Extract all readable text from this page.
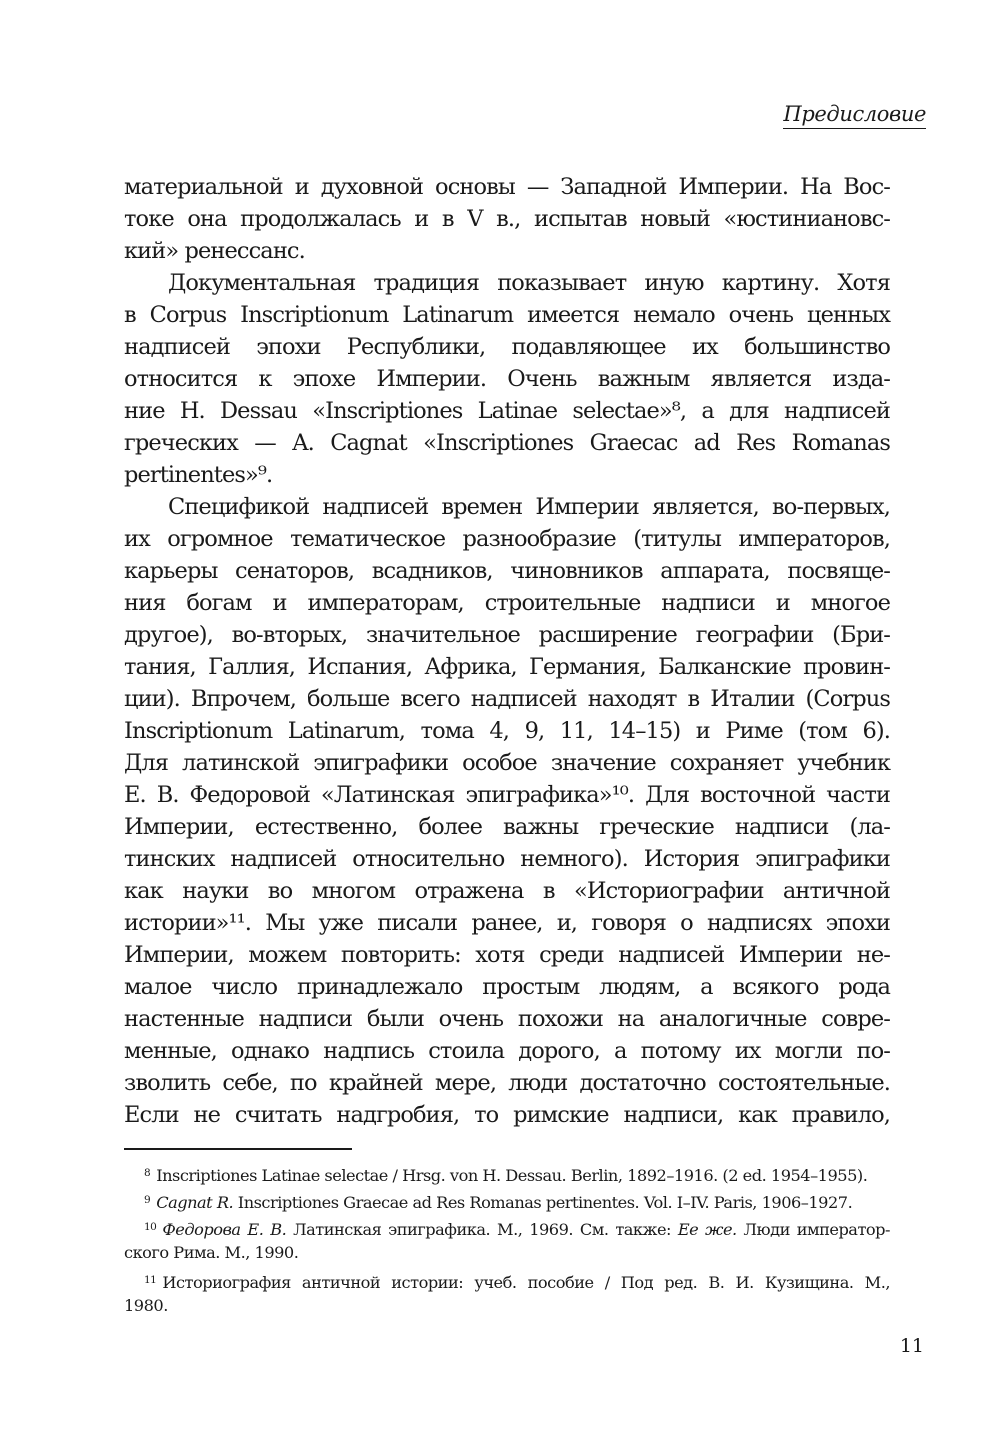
Предисловие
материальной и духовной основы — Западной Империи. На Вос-
токе она продолжалась и в V в., испытав новый «юстиниановс-
кий» ренессанс.
Документальная традиция показывает иную картину. Хотя
в Corpus Inscriptionum Latinarum имеется немало очень ценных
надписей эпохи Республики, подавляющее их большинство
относится к эпохе Империи. Очень важным является изда-
ние H. Dessau «Inscriptiones Latinae selectae»⁸, а для надписей
греческих — A. Cagnat «Inscriptiones Graecac ad Res Romanas
pertinentes»⁹.
Спецификой надписей времен Империи является, во-первых,
их огромное тематическое разнообразие (титулы императоров,
карьеры сенаторов, всадников, чиновников аппарата, посвяще-
ния богам и императорам, строительные надписи и многое
другое), во-вторых, значительное расширение географии (Бри-
тания, Галлия, Испания, Африка, Германия, Балканские провин-
ции). Впрочем, больше всего надписей находят в Италии (Corpus
Inscriptionum Latinarum, тома 4, 9, 11, 14–15) и Риме (том 6).
Для латинской эпиграфики особое значение сохраняет учебник
Е. В. Федоровой «Латинская эпиграфика»¹⁰. Для восточной части
Империи, естественно, более важны греческие надписи (ла-
тинских надписей относительно немного). История эпиграфики
как науки во многом отражена в «Историографии античной
истории»¹¹. Мы уже писали ранее, и, говоря о надписях эпохи
Империи, можем повторить: хотя среди надписей Империи не-
малое число принадлежало простым людям, а всякого рода
настенные надписи были очень похожи на аналогичные совре-
менные, однако надпись стоила дорого, а потому их могли по-
зволить себе, по крайней мере, люди достаточно состоятельные.
Если не считать надгробия, то римские надписи, как правило,
$^8$ Inscriptiones Latinae selectae / Hrsg. von H. Dessau. Berlin, 1892–1916. (2 ed. 1954–1955).
$^9$ Cagnat R. Inscriptiones Graecae ad Res Romanas pertinentes. Vol. I–IV. Paris, 1906–1927.
$^{10}$ Федорова Е. В. Латинская эпиграфика. М., 1969. См. также: Ее же. Люди император-
ского Рима. М., 1990.
$^{11}$ Историография античной истории: учеб. пособие / Под ред. В. И. Кузищина. М.,
1980.
11
